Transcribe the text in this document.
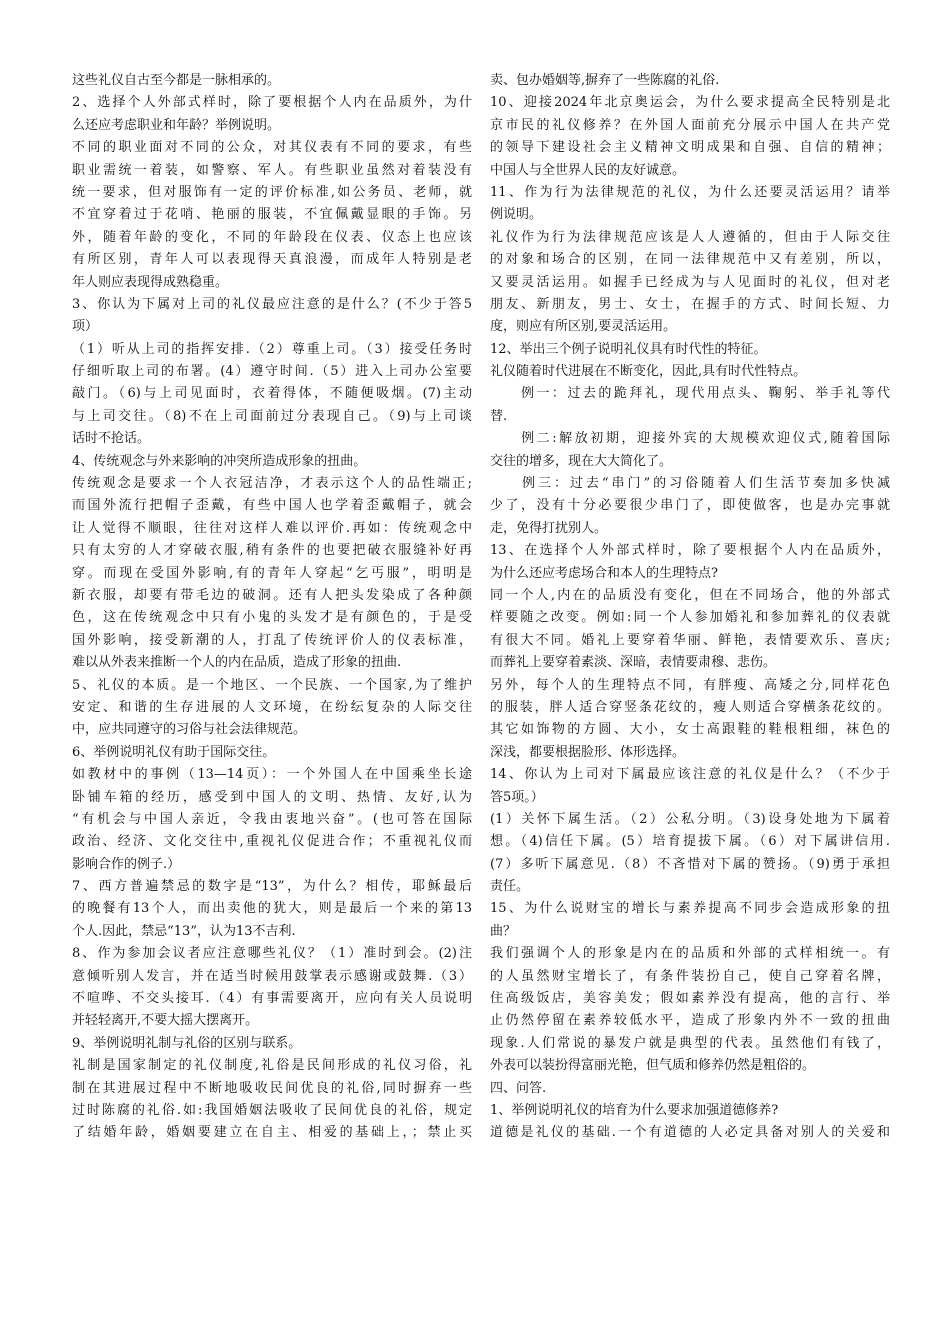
这些礼仪自古至今都是一脉相承的。
2、选择个人外部式样时，除了要根据个人内在品质外，为什
么还应考虑职业和年龄？举例说明。
不同的职业面对不同的公众，对其仪表有不同的要求，有些
职业需统一着装，如警察、军人。有些职业虽然对着装没有
统一要求，但对服饰有一定的评价标准,如公务员、老师，就
不宜穿着过于花哨、艳丽的服装，不宜佩戴显眼的手饰。另
外，随着年龄的变化，不同的年龄段在仪表、仪态上也应该
有所区别，青年人可以表现得天真浪漫，而成年人特别是老
年人则应表现得成熟稳重。
3、你认为下属对上司的礼仪最应注意的是什么？(不少于答5
项）
（1）听从上司的指挥安排.（2）尊重上司。（3）接受任务时
仔细听取上司的布署。(4）遵守时间.（5）进入上司办公室要
敲门。（6)与上司见面时，衣着得体，不随便吸烟。(7)主动
与上司交往。（8)不在上司面前过分表现自己。（9)与上司谈
话时不抢话。
4、传统观念与外来影响的冲突所造成形象的扭曲。
传统观念是要求一个人衣冠洁净，才表示这个人的品性端正;
而国外流行把帽子歪戴，有些中国人也学着歪戴帽子，就会
让人觉得不顺眼，往往对这样人难以评价.再如：传统观念中
只有太穷的人才穿破衣服,稍有条件的也要把破衣服缝补好再
穿。而现在受国外影响,有的青年人穿起“乞丐服”，明明是
新衣服，却要有带毛边的破洞。还有人把头发染成了各种颜
色，这在传统观念中只有小鬼的头发才是有颜色的，于是受
国外影响，接受新潮的人，打乱了传统评价人的仪表标准，
难以从外表来推断一个人的内在品质，造成了形象的扭曲.
5、礼仪的本质。是一个地区、一个民族、一个国家,为了维护
安定、和谐的生存进展的人文环境，在纷纭复杂的人际交往
中，应共同遵守的习俗与社会法律规范。
6、举例说明礼仪有助于国际交往。
如教材中的事例（13—14页）：一个外国人在中国乘坐长途
卧铺车箱的经历，感受到中国人的文明、热情、友好,认为
“有机会与中国人亲近，令我由衷地兴奋”。(也可答在国际
政治、经济、文化交往中,重视礼仪促进合作；不重视礼仪而
影响合作的例子.）
7、西方普遍禁忌的数字是“13”，为什么？相传，耶稣最后
的晚餐有13个人，而出卖他的犹大，则是最后一个来的第13
个人.因此，禁忌“13”，认为13不吉利.
8、作为参加会议者应注意哪些礼仪？（1）准时到会。(2)注
意倾听别人发言，并在适当时候用鼓掌表示感谢或鼓舞.（3）
不喧哗、不交头接耳.（4）有事需要离开，应向有关人员说明
并轻轻离开,不要大摇大摆离开。
9、举例说明礼制与礼俗的区别与联系。
礼制是国家制定的礼仪制度,礼俗是民间形成的礼仪习俗，礼
制在其进展过程中不断地吸收民间优良的礼俗,同时摒弃一些
过时陈腐的礼俗.如:我国婚姻法吸收了民间优良的礼俗，规定
了结婚年龄，婚姻要建立在自主、相爱的基础上，；禁止买
卖、包办婚姻等,摒弃了一些陈腐的礼俗.
10、迎接2024年北京奥运会，为什么要求提高全民特别是北
京市民的礼仪修养？在外国人面前充分展示中国人在共产党
的领导下建设社会主义精神文明成果和自强、自信的精神；
中国人与全世界人民的友好诚意。
11、作为行为法律规范的礼仪，为什么还要灵活运用？请举
例说明。
礼仪作为行为法律规范应该是人人遵循的，但由于人际交往
的对象和场合的区别，在同一法律规范中又有差别，所以，
又要灵活运用。如握手已经成为与人见面时的礼仪，但对老
朋友、新朋友，男士、女士，在握手的方式、时间长短、力
度，则应有所区别,要灵活运用。
12、举出三个例子说明礼仪具有时代性的特征。
礼仪随着时代进展在不断变化，因此,具有时代性特点。
　　例一：过去的跪拜礼，现代用点头、鞠躬、举手礼等代
替.
　　例二:解放初期，迎接外宾的大规模欢迎仪式,随着国际
交往的增多，现在大大简化了。
　　例三：过去“串门”的习俗随着人们生活节奏加多快减
少了，没有十分必要很少串门了，即使做客，也是办完事就
走，免得打扰别人。
13、在选择个人外部式样时，除了要根据个人内在品质外，
为什么还应考虑场合和本人的生理特点?
同一个人,内在的品质没有变化，但在不同场合，他的外部式
样要随之改变。例如:同一个人参加婚礼和参加葬礼的仪表就
有很大不同。婚礼上要穿着华丽、鲜艳，表情要欢乐、喜庆;
而葬礼上要穿着素淡、深暗，表情要肃穆、悲伤。
另外，每个人的生理特点不同，有胖瘦、高矮之分,同样花色
的服装，胖人适合穿竖条花纹的，瘦人则适合穿横条花纹的。
其它如饰物的方圆、大小，女士高跟鞋的鞋根粗细，袜色的
深浅，都要根据脸形、体形选择。
14、你认为上司对下属最应该注意的礼仪是什么？（不少于
答5项。）
(1）关怀下属生活。（2）公私分明。（3)设身处地为下属着
想。（4)信任下属。(5）培育提拔下属。（6）对下属讲信用.
(7）多听下属意见.（8）不吝惜对下属的赞扬。（9)勇于承担
责任。
15、为什么说财宝的增长与素养提高不同步会造成形象的扭
曲？
我们强调个人的形象是内在的品质和外部的式样相统一。有
的人虽然财宝增长了，有条件装扮自己，使自己穿着名牌，
住高级饭店，美容美发；假如素养没有提高，他的言行、举
止仍然停留在素养较低水平，造成了形象内外不一致的扭曲
现象.人们常说的暴发户就是典型的代表。虽然他们有钱了，
外表可以装扮得富丽光艳，但气质和修养仍然是粗俗的。
四、问答.
1、举例说明礼仪的培育为什么要求加强道德修养?
道德是礼仪的基础.一个有道德的人必定具备对别人的关爱和
